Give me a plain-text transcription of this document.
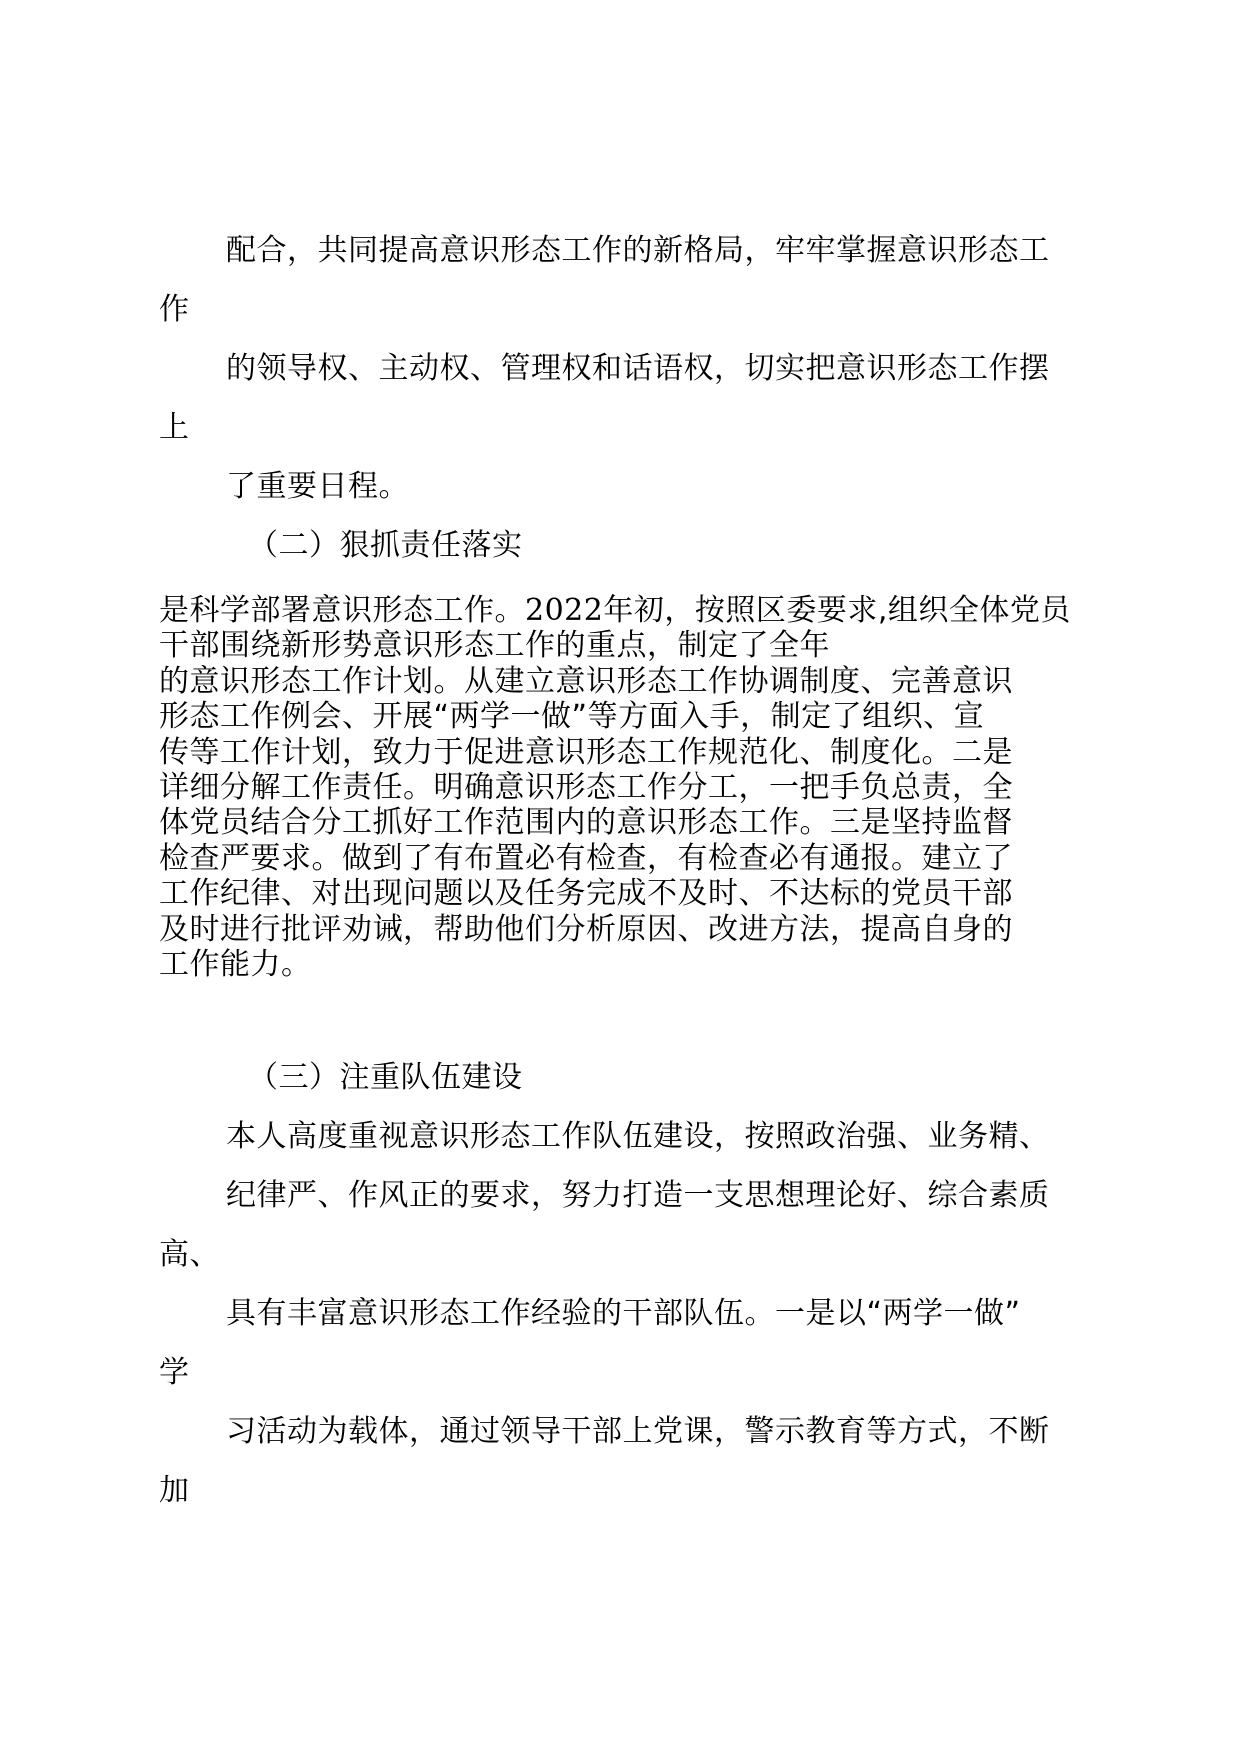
配合，共同提高意识形态工作的新格局，牢牢掌握意识形态工
作
的领导权、主动权、管理权和话语权，切实把意识形态工作摆
上
了重要日程。
（二）狠抓责任落实
是科学部署意识形态工作。2022年初，按照区委要求,组织全体党员
干部围绕新形势意识形态工作的重点，制定了全年
的意识形态工作计划。从建立意识形态工作协调制度、完善意识
形态工作例会、开展“两学一做”等方面入手，制定了组织、宣
传等工作计划，致力于促进意识形态工作规范化、制度化。二是
详细分解工作责任。明确意识形态工作分工，一把手负总责，全
体党员结合分工抓好工作范围内的意识形态工作。三是坚持监督
检查严要求。做到了有布置必有检查，有检查必有通报。建立了
工作纪律、对出现问题以及任务完成不及时、不达标的党员干部
及时进行批评劝诫，帮助他们分析原因、改进方法，提高自身的
工作能力。
（三）注重队伍建设
本人高度重视意识形态工作队伍建设，按照政治强、业务精、
纪律严、作风正的要求，努力打造一支思想理论好、综合素质
高、
具有丰富意识形态工作经验的干部队伍。一是以“两学一做”
学
习活动为载体，通过领导干部上党课，警示教育等方式，不断
加
